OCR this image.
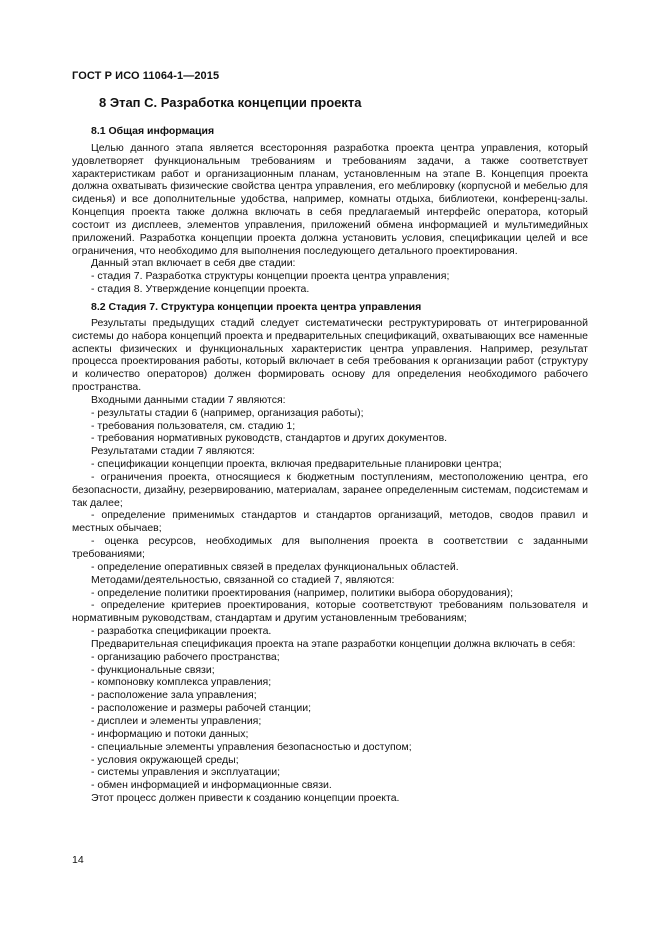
ГОСТ Р ИСО 11064-1—2015
8 Этап С. Разработка концепции проекта
8.1 Общая информация

Целью данного этапа является всесторонняя разработка проекта центра управления, который удовлетворяет функциональным требованиям и требованиям задачи, а также соответствует характеристикам работ и организационным планам, установленным на этапе В. Концепция проекта должна охватывать физические свойства центра управления, его меблировку (корпусной и мебелью для сиденья) и все дополнительные удобства, например, комнаты отдыха, библиотеки, конференц-залы. Концепция проекта также должна включать в себя предлагаемый интерфейс оператора, который состоит из дисплеев, элементов управления, приложений обмена информацией и мультимедийных приложений. Разработка концепции проекта должна установить условия, спецификации целей и все ограничения, что необходимо для выполнения последующего детального проектирования.

Данный этап включает в себя две стадии:

- стадия 7. Разработка структуры концепции проекта центра управления;
- стадия 8. Утверждение концепции проекта.
8.2 Стадия 7. Структура концепции проекта центра управления

Результаты предыдущих стадий следует систематически реструктурировать от интегрированной системы до набора концепций проекта и предварительных спецификаций, охватывающих все наменные аспекты физических и функциональных характеристик центра управления. Например, результат процесса проектирования работы, который включает в себя требования к организации работ (структуру и количество операторов) должен формировать основу для определения необходимого рабочего пространства.

Входными данными стадии 7 являются:
- результаты стадии 6 (например, организация работы);
- требования пользователя, см. стадию 1;
- требования нормативных руководств, стандартов и других документов.
Результатами стадии 7 являются:

- спецификации концепции проекта, включая предварительные планировки центра;

- ограничения проекта, относящиеся к бюджетным поступлениям, местоположению центра, его безопасности, дизайну, резервированию, материалам, заранее определенным системам, подсистемам и так далее;

- определение применимых стандартов и стандартов организаций, методов, сводов правил и местных обычаев;

- оценка ресурсов, необходимых для выполнения проекта в соответствии с заданными требованиями;

- определение оперативных связей в пределах функциональных областей.

Методами/деятельностью, связанной со стадией 7, являются:

- определение политики проектирования (например, политики выбора оборудования);

- определение критериев проектирования, которые соответствуют требованиям пользователя и нормативным руководствам, стандартам и другим установленным требованиям;

- разработка спецификации проекта.

Предварительная спецификация проекта на этапе разработки концепции должна включать в себя:

- организацию рабочего пространства;
- функциональные связи;
- компоновку комплекса управления;
- расположение зала управления;
- расположение и размеры рабочей станции;
- дисплеи и элементы управления;
- информацию и потоки данных;
- специальные элементы управления безопасностью и доступом;
- условия окружающей среды;
- системы управления и эксплуатации;
- обмен информацией и информационные связи.
Этот процесс должен привести к созданию концепции проекта.
14
